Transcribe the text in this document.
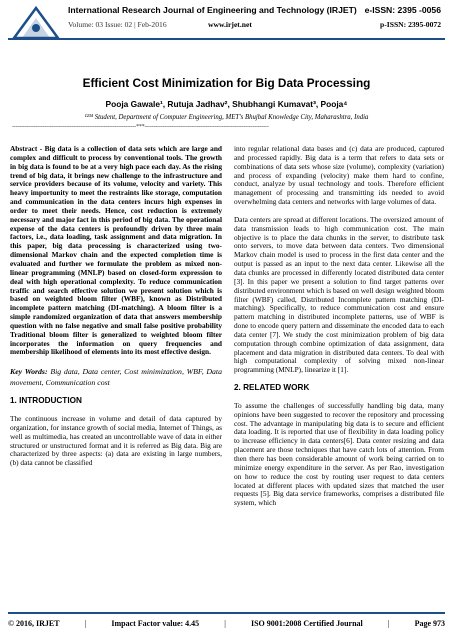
International Research Journal of Engineering and Technology (IRJET) e-ISSN: 2395 -0056
Volume: 03 Issue: 02 | Feb-2016	www.irjet.net	p-ISSN: 2395-0072
Efficient Cost Minimization for Big Data Processing
Pooja Gawale¹, Rutuja Jadhav², Shubhangi Kumavat³, Pooja⁴
¹²³⁴ Student, Department of Computer Engineering, MET's Bhujbal Knowledge City, Maharashtra, India
---------------------------------------------------------------------***---------------------------------------------------------------------

Abstract - Big data is a collection of data sets which are large and complex and difficult to process by conventional tools. The growth in big data is found to be at a very high pace each day. As the rising trend of big data, it brings new challenge to the infrastructure and service providers because of its volume, velocity and variety. This heavy importunity to meet the restraints like storage, computation and communication in the data centers incurs high expenses in order to meet their needs. Hence, cost reduction is extremely necessary and major fact in this period of big data. The operational expense of the data centers is profoundly driven by three main factors, i.e., data loading, task assignment and data migration. In this paper, big data processing is characterized using two-dimensional Markov chain and the expected completion time is evaluated and further we formulate the problem as mixed non-linear programming (MNLP) based on closed-form expression to deal with high operational complexity. To reduce communication traffic and search effective solution we present solution which is based on weighted bloom filter (WBF), known as Distributed incomplete pattern matching (DI-matching). A bloom filter is a simple randomized organization of data that answers membership question with no false negative and small false positive probability Traditional bloom filter is generalized to weighted bloom filter incorporates the information on query frequencies and membership likelihood of elements into its most effective design.

Key Words: Big data, Data center, Cost minimization, WBF, Data movement, Communication cost

1. INTRODUCTION

The continuous increase in volume and detail of data captured by organization, for instance growth of social media, Internet of Things, as well as multimedia, has created an uncontrollable wave of data in either structured or unstructured format and it is referred as Big data. Big are characterized by three aspects: (a) data are existing in large numbers, (b) data cannot be classified

into regular relational data bases and (c) data are produced, captured and processed rapidly. Big data is a term that refers to data sets or combinations of data sets whose size (volume), complexity (variation) and process of expanding (velocity) make them hard to confine, conduct, analyze by usual technology and tools. Therefore efficient management of processing and transmitting ids needed to avoid overwhelming data centers and networks with large volumes of data.

Data centers are spread at different locations. The oversized amount of data transmission leads to high communication cost. The main objective is to place the data chunks in the server, to distribute task onto servers, to move data between data centers. Two dimensional Markov chain model is used to process in the first data center and the output is passed as an input to the next data center. Likewise all the data chunks are processed in differently located distributed data center [3]. In this paper we present a solution to find target patterns over distributed environment which is based on well design weighted bloom filter (WBF) called, Distributed Incomplete pattern matching (DI-matching). Specifically, to reduce communication cost and ensure pattern matching in distributed incomplete patterns, use of WBF is done to encode query pattern and disseminate the encoded data to each data center [7]. We study the cost minimization problem of big data computation through combine optimization of data assignment, data placement and data migration in distributed data centers. To deal with high computational complexity of solving mixed non-linear programming (MNLP), linearize it [1].

2. RELATED WORK

To assume the challenges of successfully handling big data, many opinions have been suggested to recover the repository and processing cost. The advantage in manipulating big data is to secure and efficient data loading. It is reported that use of flexibility in data loading policy to increase efficiency in data centers[6]. Data center resizing and data placement are those techniques that have catch lots of attention. From then there has been considerable amount of work being carried on to minimize energy expenditure in the server. As per Rao, investigation on how to reduce the cost by routing user request to data centers located at different places with updated sizes that matched the user requests [5]. Big data service frameworks, comprises a distributed file system, which

© 2016, IRJET	|	Impact Factor value: 4.45	|	ISO 9001:2008 Certified Journal	|	Page 973
